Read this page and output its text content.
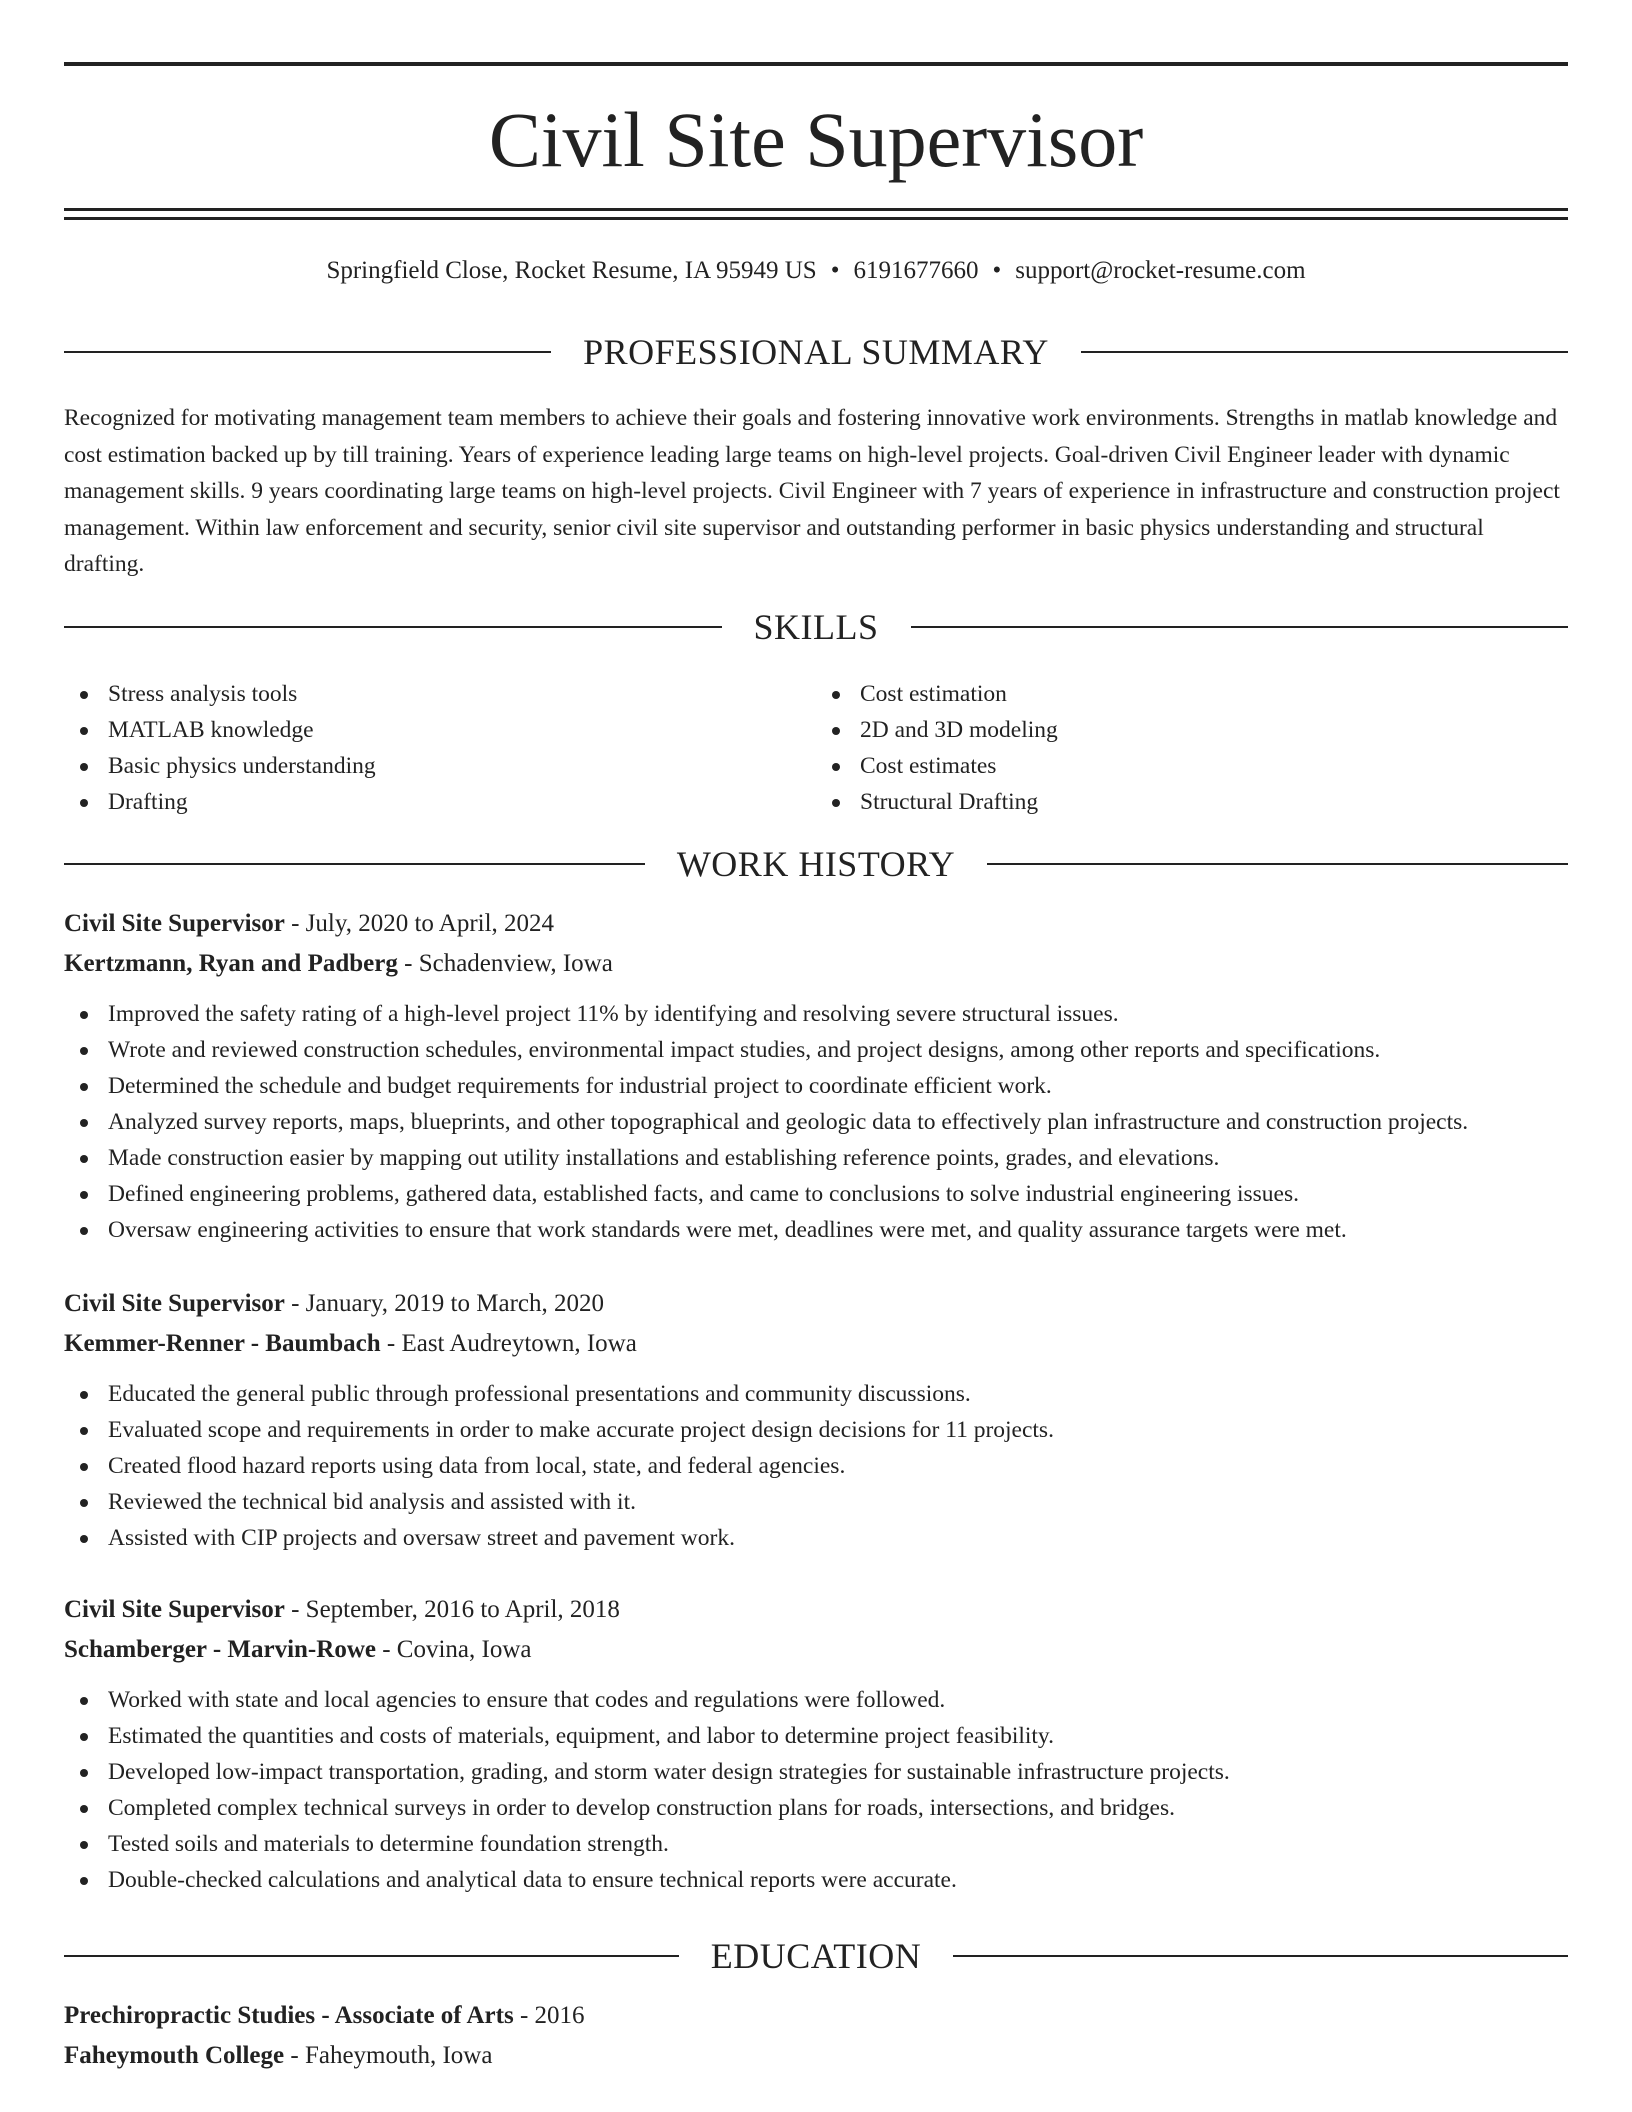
Civil Site Supervisor
Springfield Close, Rocket Resume, IA 95949 US • 6191677660 • support@rocket-resume.com
PROFESSIONAL SUMMARY

Recognized for motivating management team members to achieve their goals and fostering innovative work environments. Strengths in matlab knowledge and cost estimation backed up by till training. Years of experience leading large teams on high-level projects. Goal-driven Civil Engineer leader with dynamic management skills. 9 years coordinating large teams on high-level projects. Civil Engineer with 7 years of experience in infrastructure and construction project management. Within law enforcement and security, senior civil site supervisor and outstanding performer in basic physics understanding and structural drafting.

SKILLS
Stress analysis tools
MATLAB knowledge
Basic physics understanding
Drafting
Cost estimation
2D and 3D modeling
Cost estimates
Structural Drafting
WORK HISTORY
Civil Site Supervisor - July, 2020 to April, 2024
Kertzmann, Ryan and Padberg - Schadenview, Iowa
Improved the safety rating of a high-level project 11% by identifying and resolving severe structural issues.
Wrote and reviewed construction schedules, environmental impact studies, and project designs, among other reports and specifications.
Determined the schedule and budget requirements for industrial project to coordinate efficient work.
Analyzed survey reports, maps, blueprints, and other topographical and geologic data to effectively plan infrastructure and construction projects.
Made construction easier by mapping out utility installations and establishing reference points, grades, and elevations.
Defined engineering problems, gathered data, established facts, and came to conclusions to solve industrial engineering issues.
Oversaw engineering activities to ensure that work standards were met, deadlines were met, and quality assurance targets were met.
Civil Site Supervisor - January, 2019 to March, 2020
Kemmer-Renner - Baumbach - East Audreytown, Iowa
Educated the general public through professional presentations and community discussions.
Evaluated scope and requirements in order to make accurate project design decisions for 11 projects.
Created flood hazard reports using data from local, state, and federal agencies.
Reviewed the technical bid analysis and assisted with it.
Assisted with CIP projects and oversaw street and pavement work.
Civil Site Supervisor - September, 2016 to April, 2018
Schamberger - Marvin-Rowe - Covina, Iowa
Worked with state and local agencies to ensure that codes and regulations were followed.
Estimated the quantities and costs of materials, equipment, and labor to determine project feasibility.
Developed low-impact transportation, grading, and storm water design strategies for sustainable infrastructure projects.
Completed complex technical surveys in order to develop construction plans for roads, intersections, and bridges.
Tested soils and materials to determine foundation strength.
Double-checked calculations and analytical data to ensure technical reports were accurate.
EDUCATION
Prechiropractic Studies - Associate of Arts - 2016
Faheymouth College - Faheymouth, Iowa
